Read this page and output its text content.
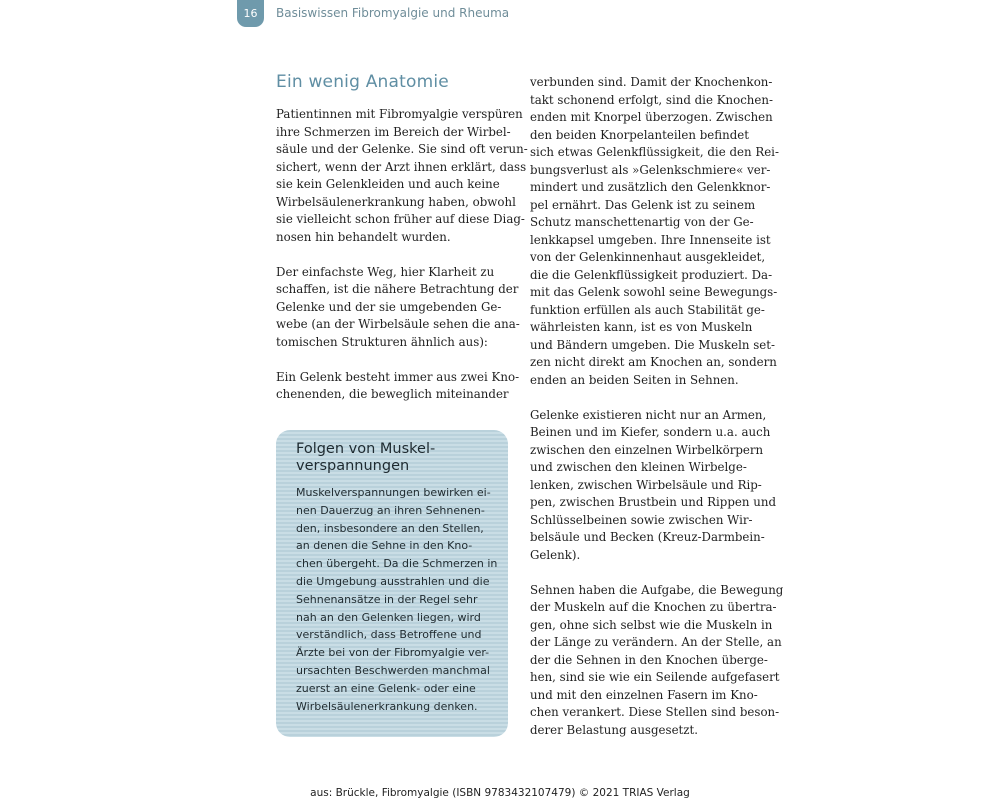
16	Basiswissen Fibromyalgie und Rheuma
Ein wenig Anatomie

Patientinnen mit Fibromyalgie verspüren
ihre Schmerzen im Bereich der Wirbel-
säule und der Gelenke. Sie sind oft verun-
sichert, wenn der Arzt ihnen erklärt, dass
sie kein Gelenkleiden und auch keine
Wirbelsäulenerkrankung haben, obwohl
sie vielleicht schon früher auf diese Diag-
nosen hin behandelt wurden.

Der einfachste Weg, hier Klarheit zu
schaffen, ist die nähere Betrachtung der
Gelenke und der sie umgebenden Ge-
webe (an der Wirbelsäule sehen die ana-
tomischen Strukturen ähnlich aus):

Ein Gelenk besteht immer aus zwei Kno-
chenenden, die beweglich miteinander

Folgen von Muskel-
verspannungen
Muskelverspannungen bewirken ei-
nen Dauerzug an ihren Sehnenen-
den, insbesondere an den Stellen,
an denen die Sehne in den Kno-
chen übergeht. Da die Schmerzen in
die Umgebung ausstrahlen und die
Sehnenansätze in der Regel sehr
nah an den Gelenken liegen, wird
verständlich, dass Betroffene und
Ärzte bei von der Fibromyalgie ver-
ursachten Beschwerden manchmal
zuerst an eine Gelenk- oder eine
Wirbelsäulenerkrankung denken.

verbunden sind. Damit der Knochenkon-
takt schonend erfolgt, sind die Knochen-
enden mit Knorpel überzogen. Zwischen
den beiden Knorpelanteilen befindet
sich etwas Gelenkflüssigkeit, die den Rei-
bungsverlust als »Gelenkschmiere« ver-
mindert und zusätzlich den Gelenkknor-
pel ernährt. Das Gelenk ist zu seinem
Schutz manschettenartig von der Ge-
lenkkapsel umgeben. Ihre Innenseite ist
von der Gelenkinnenhaut ausgekleidet,
die die Gelenkflüssigkeit produziert. Da-
mit das Gelenk sowohl seine Bewegungs-
funktion erfüllen als auch Stabilität ge-
währleisten kann, ist es von Muskeln
und Bändern umgeben. Die Muskeln set-
zen nicht direkt am Knochen an, sondern
enden an beiden Seiten in Sehnen.

Gelenke existieren nicht nur an Armen,
Beinen und im Kiefer, sondern u.a. auch
zwischen den einzelnen Wirbelkörpern
und zwischen den kleinen Wirbelge-
lenken, zwischen Wirbelsäule und Rip-
pen, zwischen Brustbein und Rippen und
Schlüsselbeinen sowie zwischen Wir-
belsäule und Becken (Kreuz-Darmbein-
Gelenk).

Sehnen haben die Aufgabe, die Bewegung
der Muskeln auf die Knochen zu übertra-
gen, ohne sich selbst wie die Muskeln in
der Länge zu verändern. An der Stelle, an
der die Sehnen in den Knochen überge-
hen, sind sie wie ein Seilende aufgefasert
und mit den einzelnen Fasern im Kno-
chen verankert. Diese Stellen sind beson-
derer Belastung ausgesetzt.

aus: Brückle, Fibromyalgie (ISBN 9783432107479) © 2021 TRIAS Verlag
